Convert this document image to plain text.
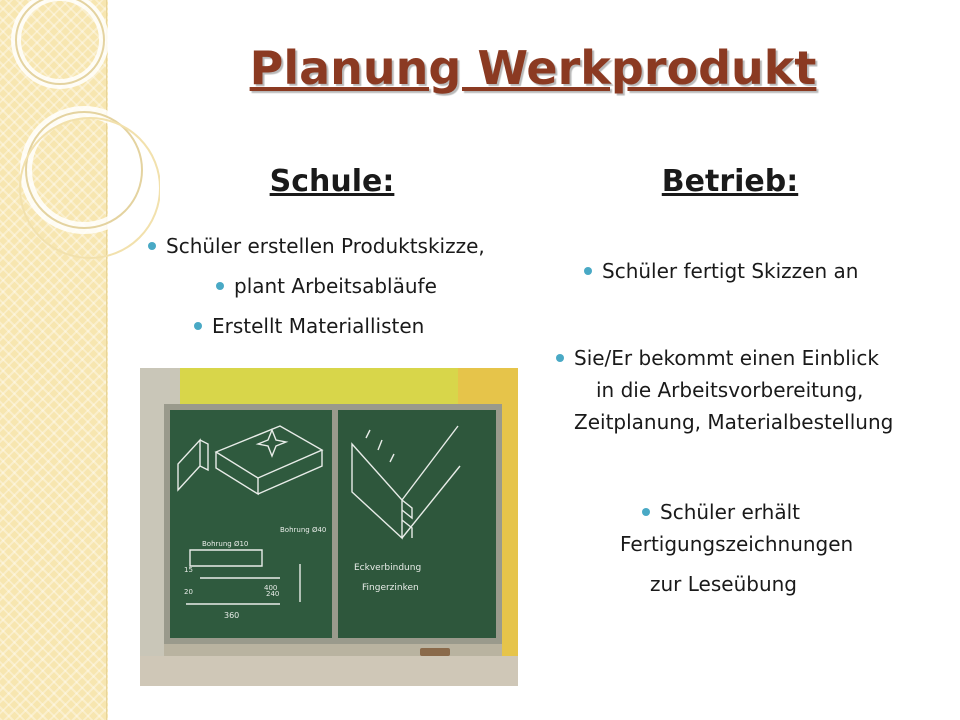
Planung Werkprodukt
Schule:
Schüler erstellen Produktskizze,
plant Arbeitsabläufe
Erstellt Materiallisten
Betrieb:
Schüler fertigt Skizzen an
Sie/Er bekommt einen Einblick
in die Arbeitsvorbereitung,
Zeitplanung, Materialbestellung
Schüler erhält
Fertigungszeichnungen
zur Leseübung
Bohrung Ø10
Bohrung Ø40
360
400
15
20	240
Eckverbindung
Fingerzinken
